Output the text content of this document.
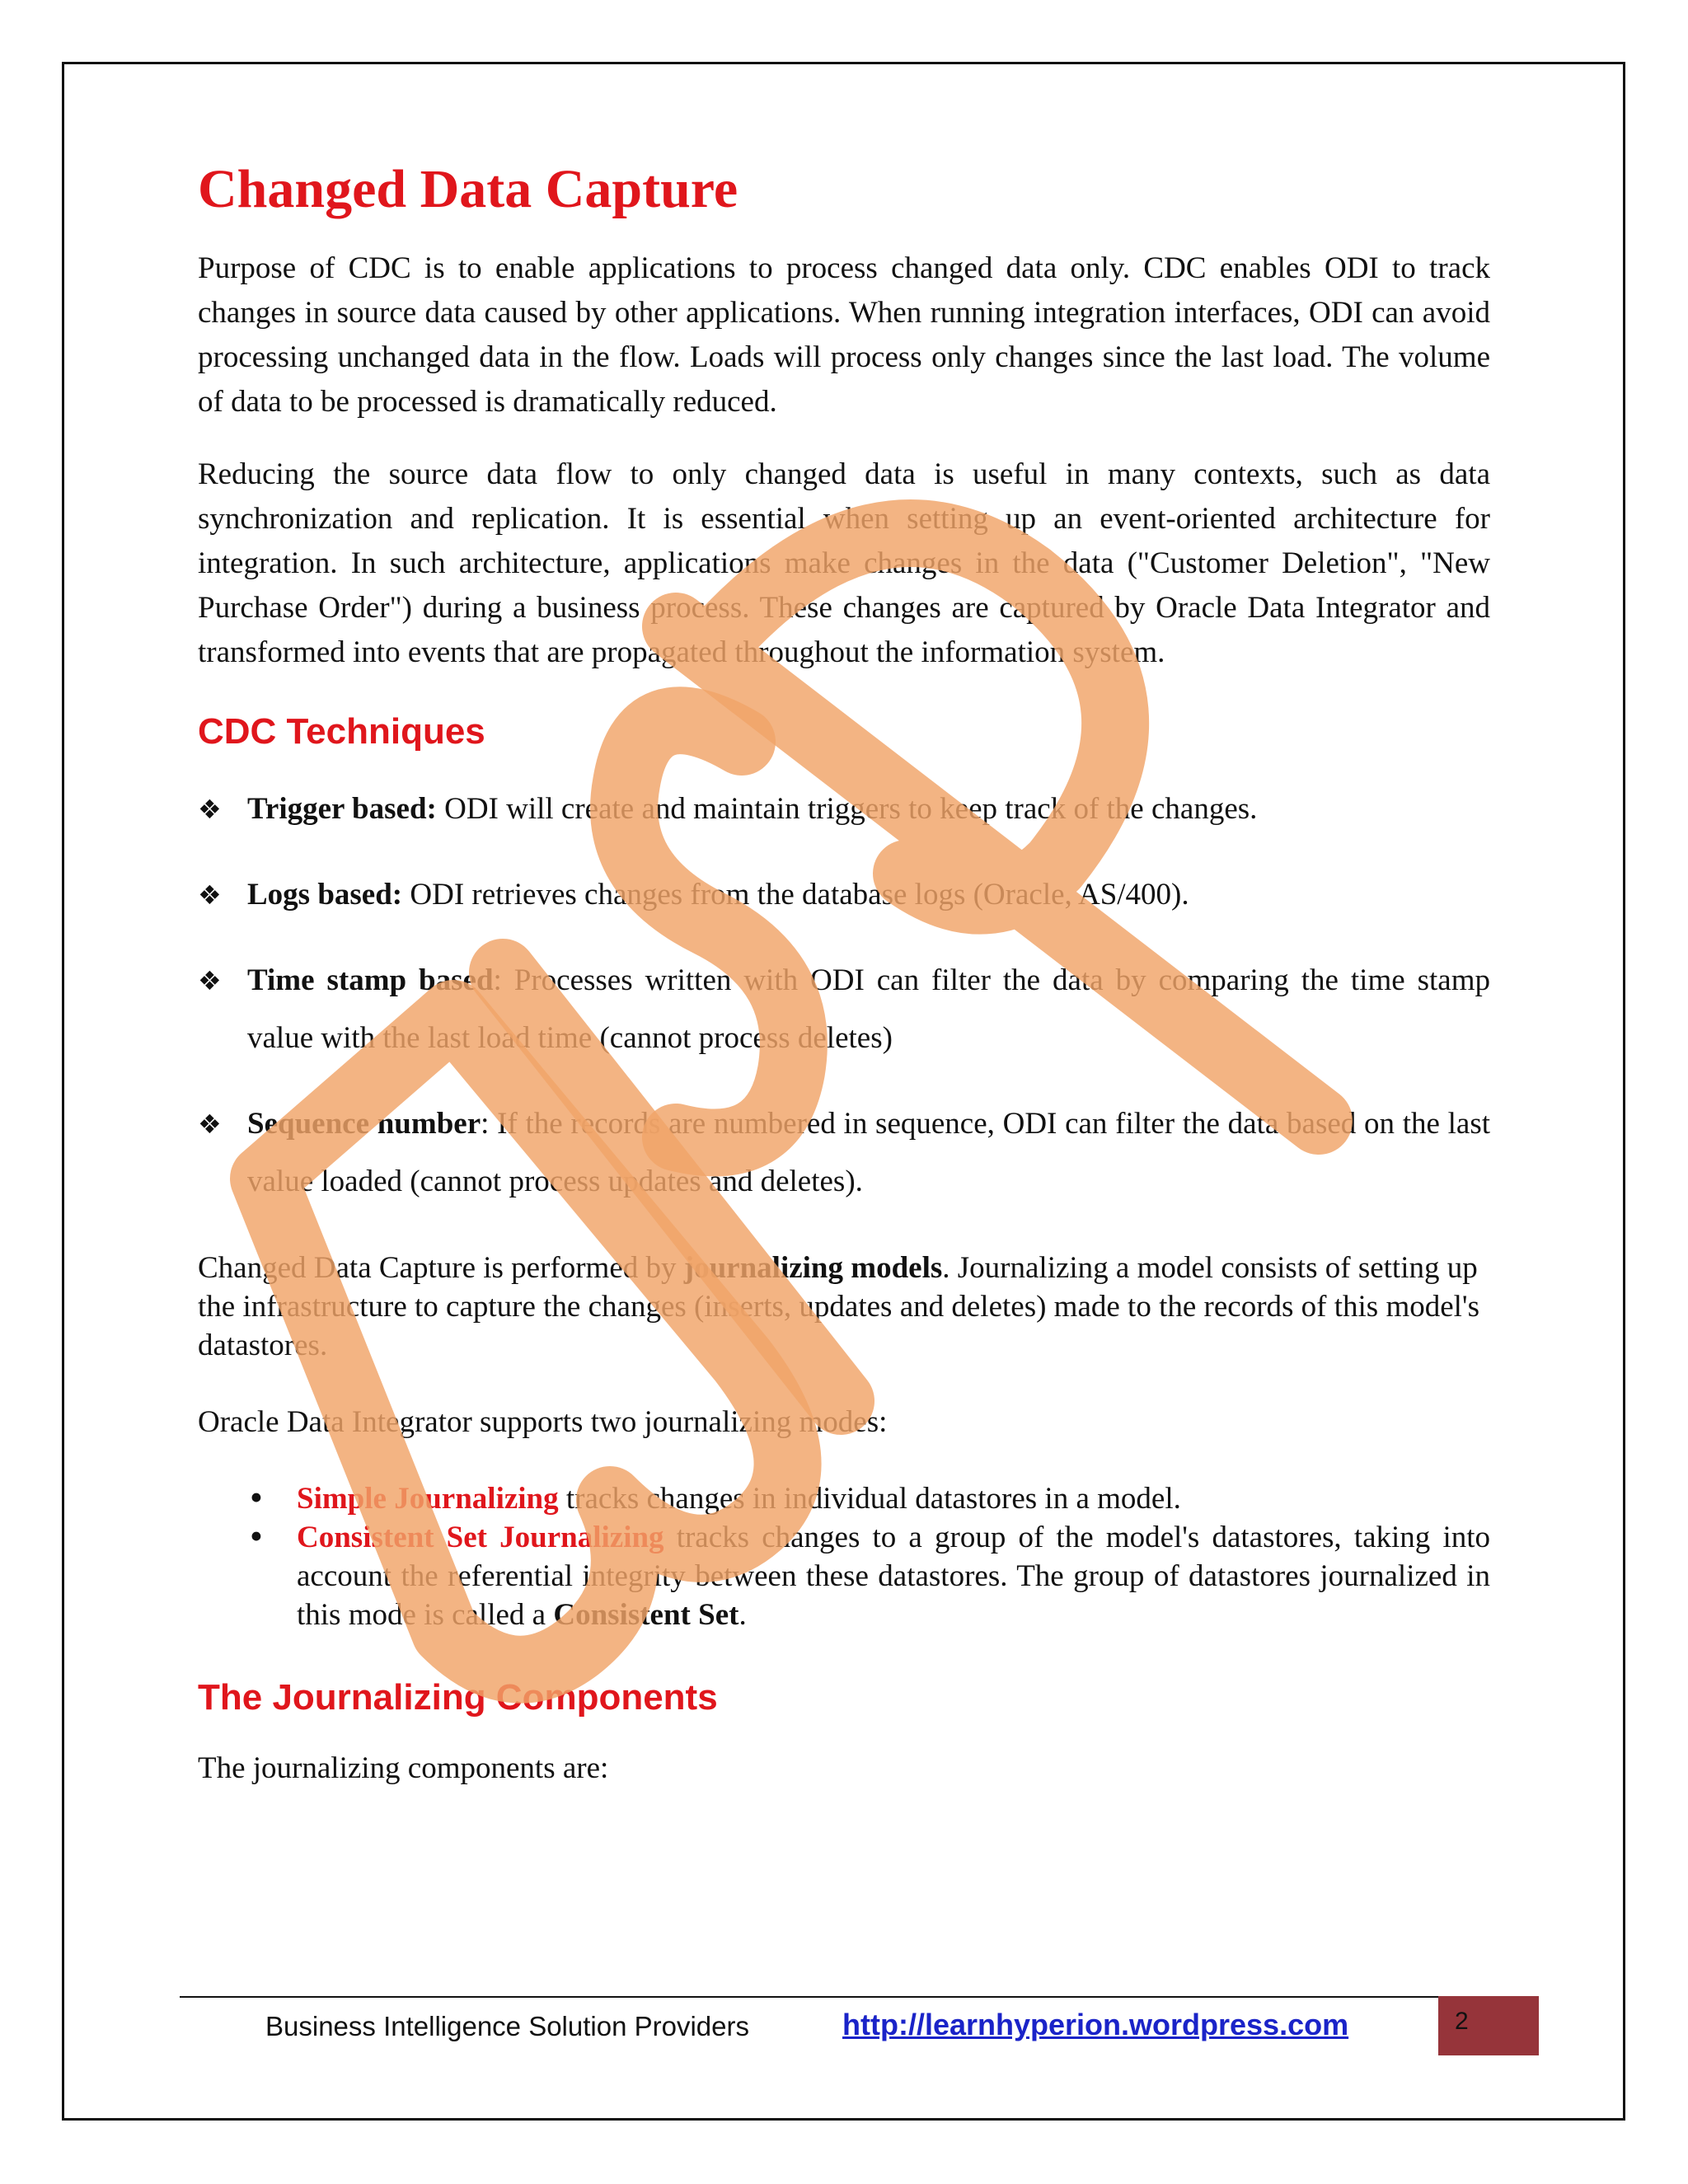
Changed Data Capture

Purpose of CDC is to enable applications to process changed data only. CDC enables ODI to track changes in source data caused by other applications. When running integration interfaces, ODI can avoid processing unchanged data in the flow. Loads will process only changes since the last load. The volume of data to be processed is dramatically reduced.

Reducing the source data flow to only changed data is useful in many contexts, such as data synchronization and replication. It is essential when setting up an event-oriented architecture for integration. In such architecture, applications make changes in the data ("Customer Deletion", "New Purchase Order") during a business process. These changes are captured by Oracle Data Integrator and transformed into events that are propagated throughout the information system.

CDC Techniques
❖ Trigger based: ODI will create and maintain triggers to keep track of the changes.
❖ Logs based: ODI retrieves changes from the database logs (Oracle, AS/400).
❖ Time stamp based: Processes written with ODI can filter the data by comparing the time stamp value with the last load time (cannot process deletes)
❖ Sequence number: If the records are numbered in sequence, ODI can filter the data based on the last value loaded (cannot process updates and deletes).

Changed Data Capture is performed by journalizing models. Journalizing a model consists of setting up the infrastructure to capture the changes (inserts, updates and deletes) made to the records of this model's datastores.

Oracle Data Integrator supports two journalizing modes:

• Simple Journalizing tracks changes in individual datastores in a model.
• Consistent Set Journalizing tracks changes to a group of the model's datastores, taking into account the referential integrity between these datastores. The group of datastores journalized in this mode is called a Consistent Set.
The Journalizing Components

The journalizing components are:

Business Intelligence Solution Providers	http://learnhyperion.wordpress.com	2
